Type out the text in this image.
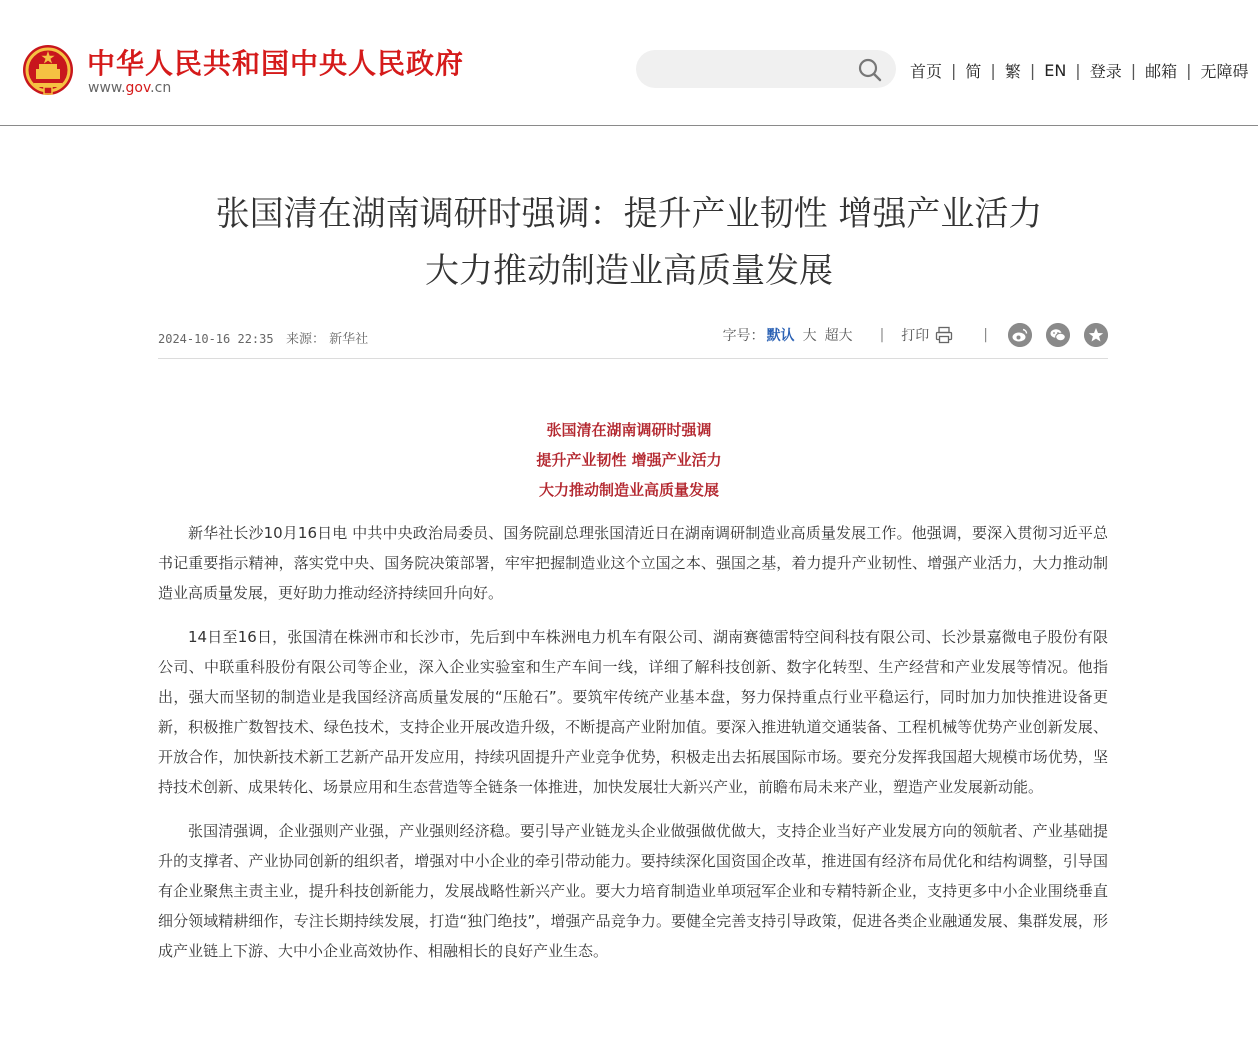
中华人民共和国中央人民政府
www.gov.cn
首页 | 简 | 繁 | EN | 登录 | 邮箱 | 无障碍
张国清在湖南调研时强调：提升产业韧性 增强产业活力
大力推动制造业高质量发展
2024-10-16 22:35 来源： 新华社	字号： 默认 大 超大 | 打印	|
张国清在湖南调研时强调
提升产业韧性 增强产业活力
大力推动制造业高质量发展

新华社长沙10月16日电 中共中央政治局委员、国务院副总理张国清近日在湖南调研制造业高质量发展工作。他强调，要深入贯彻习近平总书记重要指示精神，落实党中央、国务院决策部署，牢牢把握制造业这个立国之本、强国之基，着力提升产业韧性、增强产业活力，大力推动制造业高质量发展，更好助力推动经济持续回升向好。

14日至16日，张国清在株洲市和长沙市，先后到中车株洲电力机车有限公司、湖南赛德雷特空间科技有限公司、长沙景嘉微电子股份有限公司、中联重科股份有限公司等企业，深入企业实验室和生产车间一线，详细了解科技创新、数字化转型、生产经营和产业发展等情况。他指出，强大而坚韧的制造业是我国经济高质量发展的“压舱石”。要筑牢传统产业基本盘，努力保持重点行业平稳运行，同时加力加快推进设备更新，积极推广数智技术、绿色技术，支持企业开展改造升级，不断提高产业附加值。要深入推进轨道交通装备、工程机械等优势产业创新发展、开放合作，加快新技术新工艺新产品开发应用，持续巩固提升产业竞争优势，积极走出去拓展国际市场。要充分发挥我国超大规模市场优势，坚持技术创新、成果转化、场景应用和生态营造等全链条一体推进，加快发展壮大新兴产业，前瞻布局未来产业，塑造产业发展新动能。

张国清强调，企业强则产业强，产业强则经济稳。要引导产业链龙头企业做强做优做大，支持企业当好产业发展方向的领航者、产业基础提升的支撑者、产业协同创新的组织者，增强对中小企业的牵引带动能力。要持续深化国资国企改革，推进国有经济布局优化和结构调整，引导国有企业聚焦主责主业，提升科技创新能力，发展战略性新兴产业。要大力培育制造业单项冠军企业和专精特新企业，支持更多中小企业围绕垂直细分领域精耕细作，专注长期持续发展，打造“独门绝技”，增强产品竞争力。要健全完善支持引导政策，促进各类企业融通发展、集群发展，形成产业链上下游、大中小企业高效协作、相融相长的良好产业生态。
